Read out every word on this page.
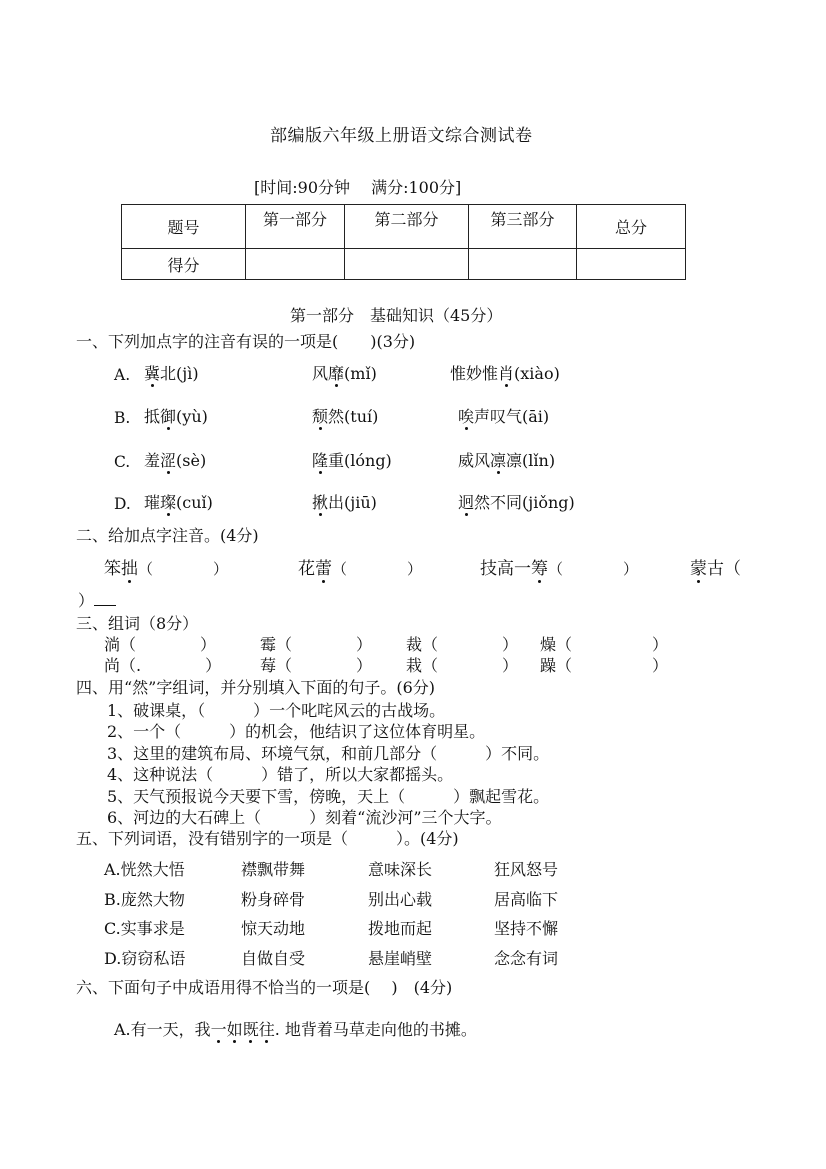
部编版六年级上册语文综合测试卷
[时间:90分钟　 满分:100分]
题号	第一部分	第二部分	第三部分	总分
得分				
第一部分　基础知识（45分）
一、下列加点字的注音有误的一项是(　　)(3分)
A. 冀北(jì)	风靡(mǐ)	惟妙惟肖(xiào)
B. 抵御(yù)	颓然(tuí)	唉声叹气(āi)
C. 羞涩(sè)	隆重(lóng)	威风凛凛(lǐn)
D. 璀璨(cuǐ)	揪出(jiū)	迥然不同(jiǒng)
二、给加点字注音。(4分)
笨拙（　　　　）	花蕾（　　　　）	技高一筹（　　　　）	蒙古（
）
三、组词（8分）
淌（　　　　）	霉（　　　　） 裁（　　　　） 燥（　　　　　）
尚（.　　　　） 莓（　　　　） 栽（　　　　） 躁（　　　　　）
四、用“然”字组词，并分别填入下面的句子。(6分)
1、破课桌，（　　　）一个叱咤风云的古战场。
2、一个（　　　）的机会，他结识了这位体育明星。
3、这里的建筑布局、环境气氛，和前几部分（　　　）不同。
4、这种说法（　　　）错了，所以大家都摇头。
5、天气预报说今天要下雪，傍晚，天上（　　　）飘起雪花。
6、河边的大石碑上（　　　）刻着“流沙河”三个大字。
五、下列词语，没有错别字的一项是（　　　）。(4分)
A.恍然大悟	襟飘带舞	意味深长	狂风怒号
B.庞然大物	粉身碎骨	别出心载	居高临下
C.实事求是	惊天动地	拨地而起	坚持不懈
D.窃窃私语	自做自受	悬崖峭壁	念念有词
六、下面句子中成语用得不恰当的一项是(　 )　(4分)
A.有一天，我一如既往. 地背着马草走向他的书摊。
